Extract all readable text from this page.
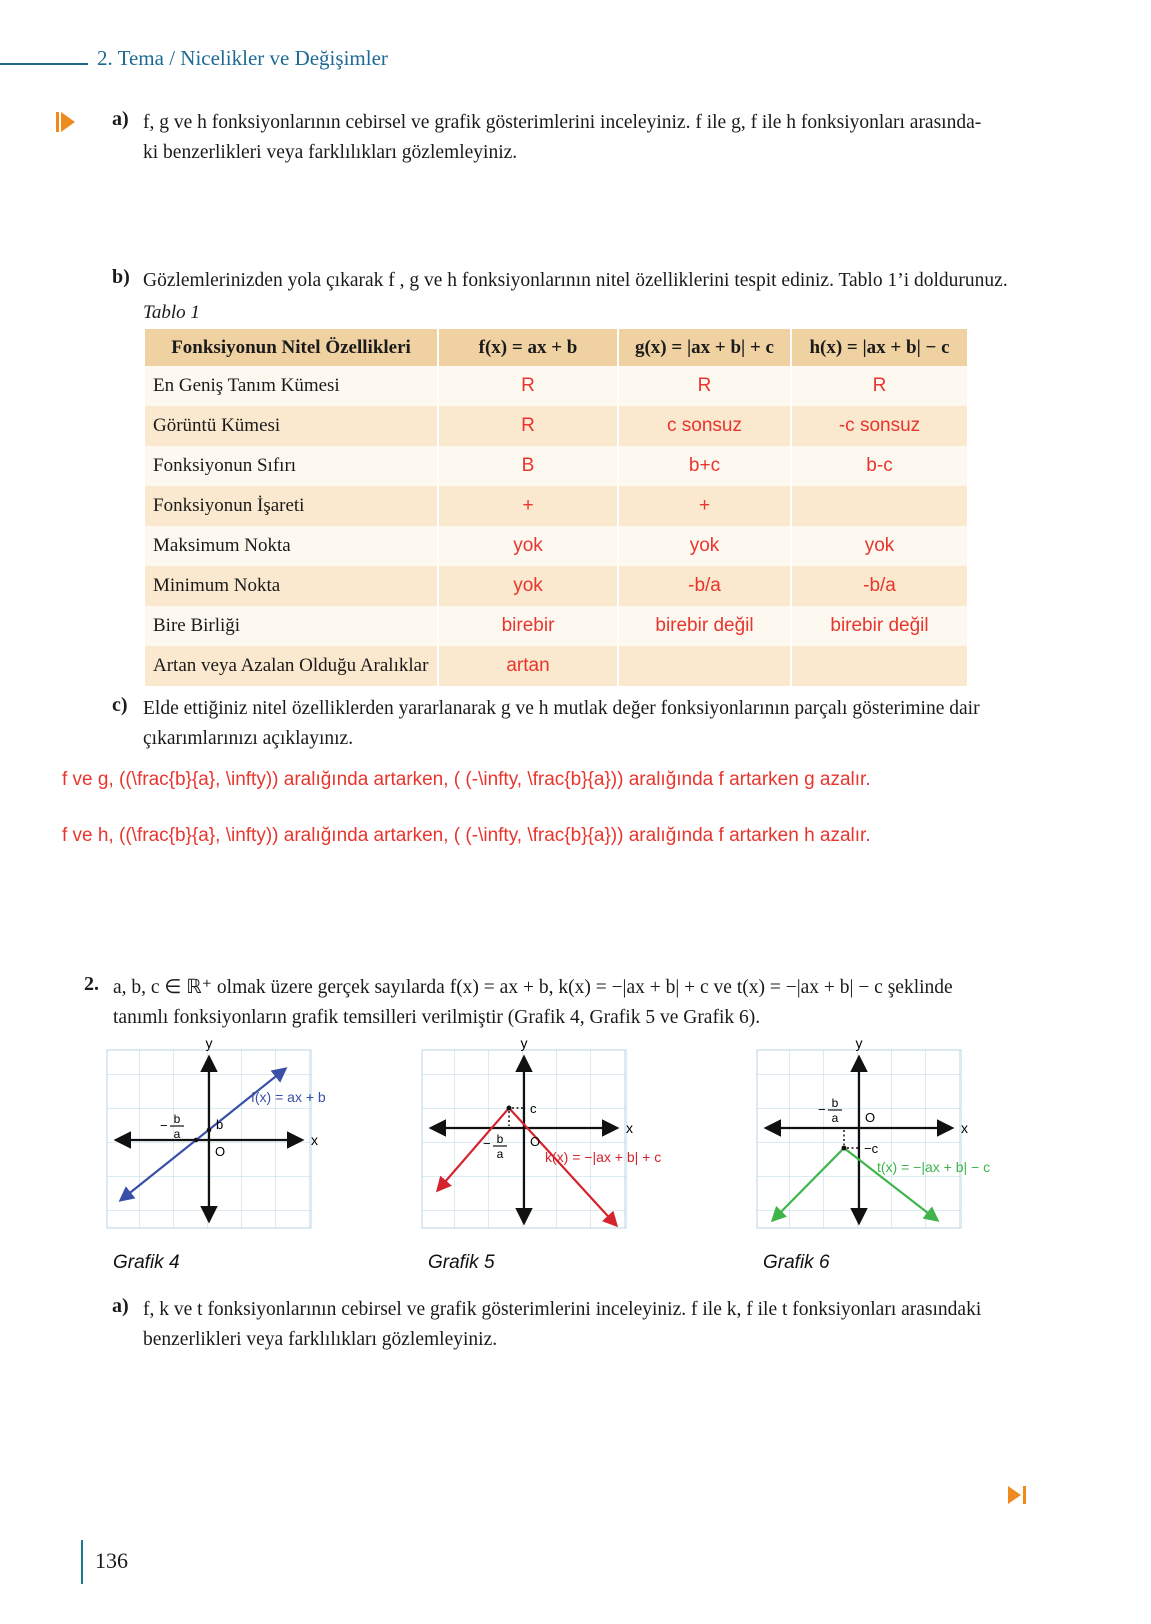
2. Tema / Nicelikler ve Değişimler
a) f, g ve h fonksiyonlarının cebirsel ve grafik gösterimlerini inceleyiniz. f ile g, f ile h fonksiyonları arasında-
ki benzerlikleri veya farklılıkları gözlemleyiniz.
b) Gözlemlerinizden yola çıkarak f , g ve h fonksiyonlarının nitel özelliklerini tespit ediniz. Tablo 1’i doldurunuz.
Tablo 1
Fonksiyonun Nitel Özellikleri	f(x) = ax + b	g(x) = |ax + b| + c	h(x) = |ax + b| − c
En Geniş Tanım Kümesi	R	R	R
Görüntü Kümesi	R	c sonsuz	-c sonsuz
Fonksiyonun Sıfırı	B	b+c	b-c
Fonksiyonun İşareti	+	+	
Maksimum Nokta	yok	yok	yok
Minimum Nokta	yok	-b/a	-b/a
Bire Birliği	birebir	birebir değil	birebir değil
Artan veya Azalan Olduğu Aralıklar	artan		
c) Elde ettiğiniz nitel özelliklerden yararlanarak g ve h mutlak değer fonksiyonlarının parçalı gösterimine dair
çıkarımlarınızı açıklayınız.
f ve g, ((\frac{b}{a}, \infty)) aralığında artarken, ( (-\infty, \frac{b}{a})) aralığında f artarken g azalır.
f ve h, ((\frac{b}{a}, \infty)) aralığında artarken, ( (-\infty, \frac{b}{a})) aralığında f artarken h azalır.
2. a, b, c ∈ ℝ⁺ olmak üzere gerçek sayılarda f(x) = ax + b, k(x) = −|ax + b| + c ve t(x) = −|ax + b| − c şeklinde
tanımlı fonksiyonların grafik temsilleri verilmiştir (Grafik 4, Grafik 5 ve Grafik 6).
y
x
O
b
− b
a
f(x) = ax + b
Grafik 4
y
x
c
O
− b
a	k(x) = −|ax + b| + c
Grafik 5
y
x
−c
O
− b
a
t(x) = −|ax + b| − c
Grafik 6
a) f, k ve t fonksiyonlarının cebirsel ve grafik gösterimlerini inceleyiniz. f ile k, f ile t fonksiyonları arasındaki
benzerlikleri veya farklılıkları gözlemleyiniz.
136
